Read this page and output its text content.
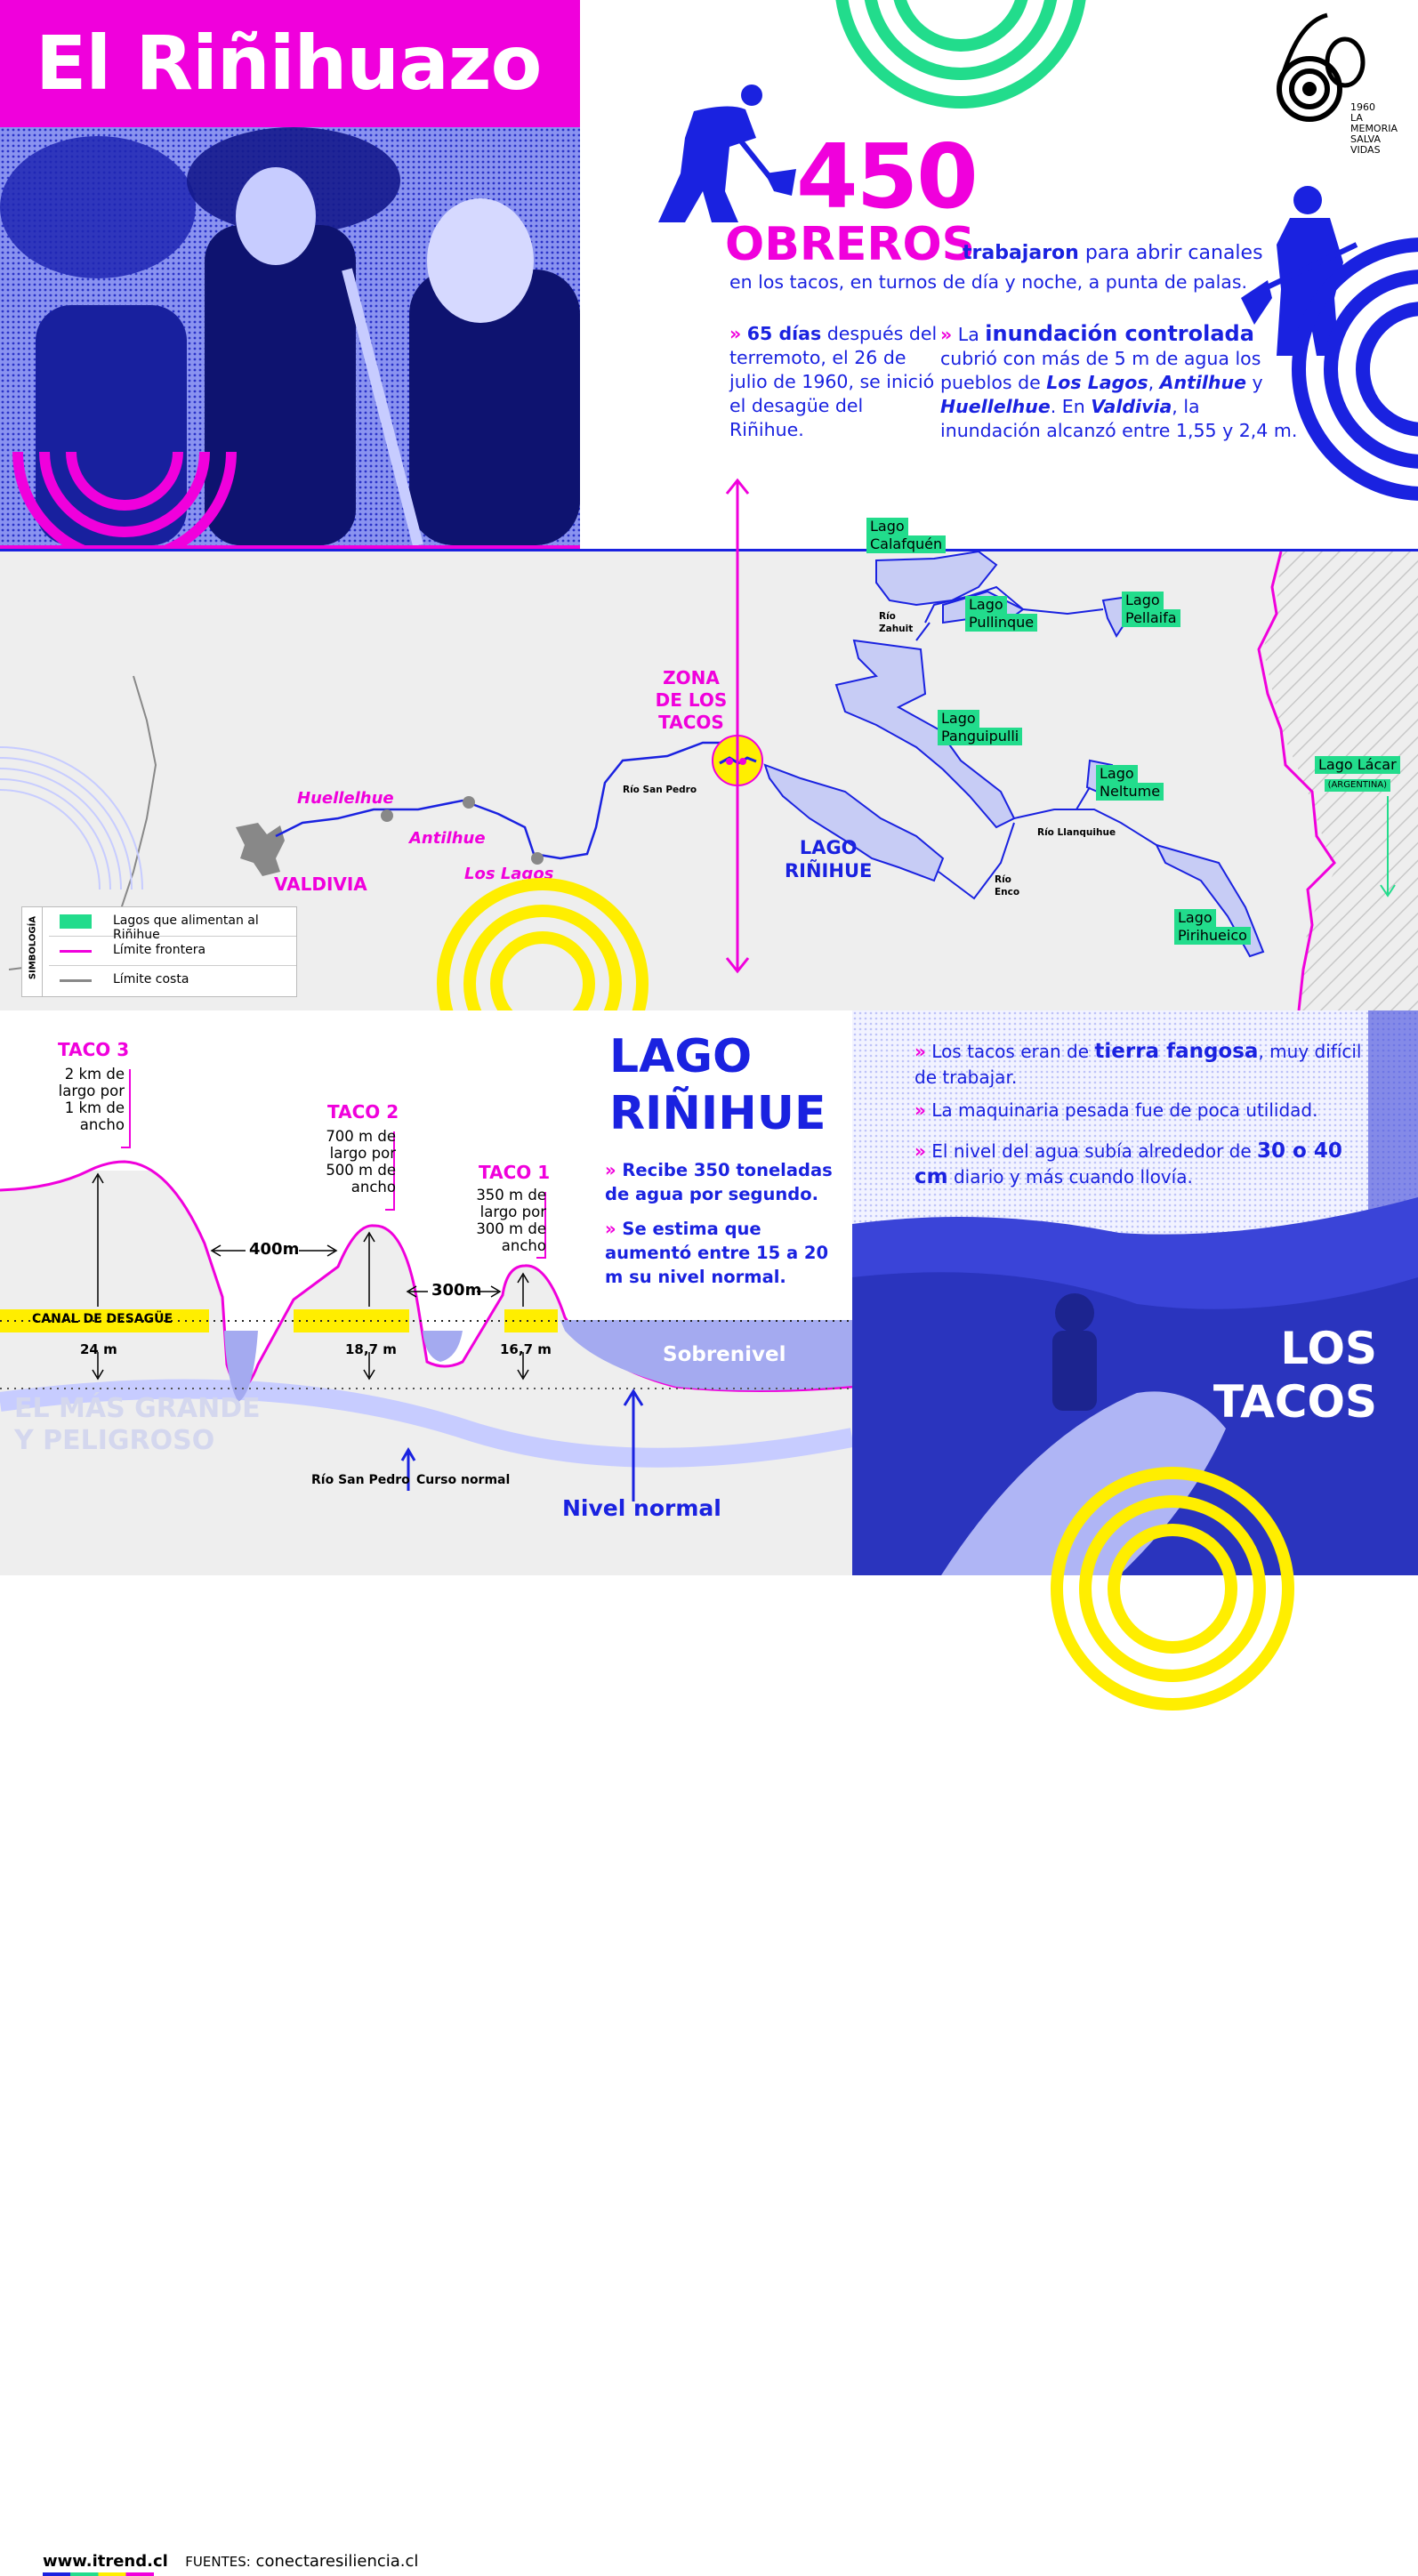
El Riñihuazo

1960
LA MEMORIA
SALVA VIDAS
450
OBREROS
trabajaron para abrir canales
en los tacos, en turnos de día y noche, a punta de palas.
» 65 días después del terremoto, el 26 de julio de 1960, se inició el desagüe del Riñihue.
» La inundación controlada cubrió con más de 5 m de agua los pueblos de Los Lagos, Antilhue y Huellelhue. En Valdivia, la inundación alcanzó entre 1,55 y 2,4 m.
Lago
Calafquén
Lago
Pullinque
Lago
Pellaifa
Lago
Panguipulli
Lago
Neltume
Lago
Pirihueico
Lago Lácar
(ARGENTINA)
Río
Zahuit
Río San Pedro
Río Llanquihue
Río
Enco
ZONA
DE LOS
TACOS
LAGO
RIÑIHUE
Huellelhue
Antilhue
Los Lagos
VALDIVIA
SIMBOLOGÍA	Lagos que alimentan al Riñihue
Límite frontera
Límite costa
TACO 3
2 km de
largo por
1 km de
ancho
TACO 2
700 m de
largo por
500 m de
ancho
TACO 1
350 m de
largo por
300 m de
ancho
400m
300m
CANAL DE DESAGÜE
24 m	18,7 m	16,7 m
EL MÁS GRANDE
Y PELIGROSO
Sobrenivel
Nivel normal
Río San Pedro Curso normal
LAGO
RIÑIHUE
» Recibe 350 toneladas de agua por segundo.
» Se estima que aumentó entre 15 a 20 m su nivel normal.
www.itrend.cl FUENTES: conectaresiliencia.cl
» Los tacos eran de tierra fangosa, muy difícil de trabajar.
» La maquinaria pesada fue de poca utilidad.
» El nivel del agua subía alrededor de 30 o 40 cm diario y más cuando llovía.
LOS
TACOS
